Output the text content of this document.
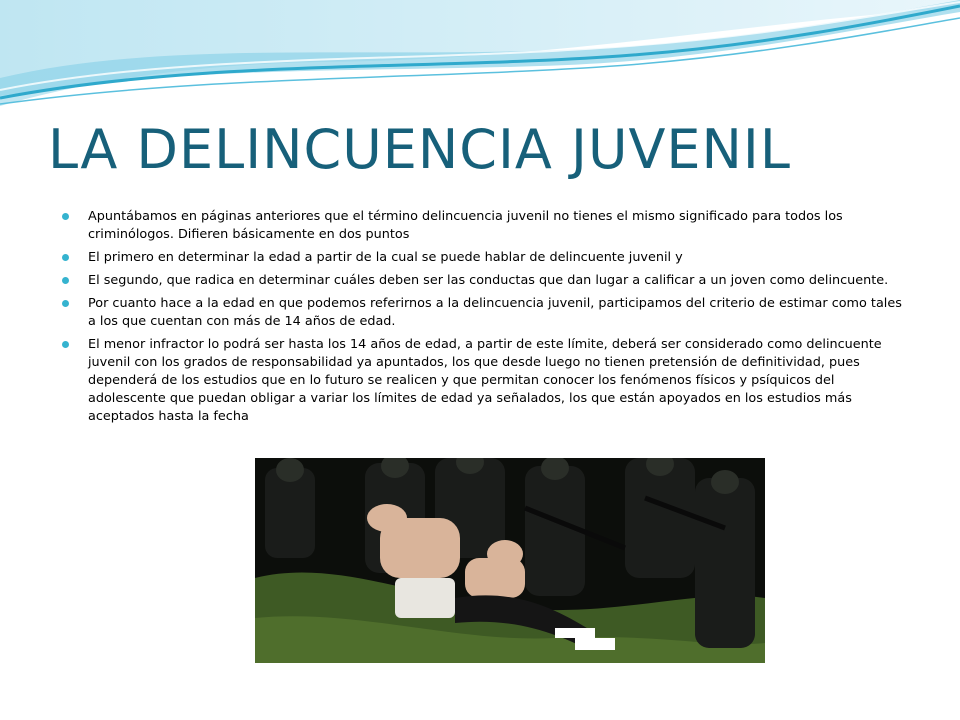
LA DELINCUENCIA JUVENIL
Apuntábamos en páginas anteriores que el término delincuencia juvenil no tienes el mismo significado para todos los criminólogos. Difieren básicamente en dos puntos
El primero en determinar la edad a partir de la cual se puede hablar de delincuente juvenil y
El segundo, que radica en determinar cuáles deben ser las conductas que dan lugar a calificar a un joven como delincuente.
Por cuanto hace a la edad en que podemos referirnos a la delincuencia juvenil, participamos del criterio de estimar como tales a los que cuentan con más de 14 años de edad.
El menor infractor lo podrá ser hasta los 14 años de edad, a partir de este límite, deberá ser considerado como delincuente juvenil con los grados de responsabilidad ya apuntados, los que desde luego no tienen pretensión de definitividad, pues dependerá de los estudios que en lo futuro se realicen y que permitan conocer los fenómenos físicos y psíquicos del adolescente que puedan obligar a variar los límites de edad ya señalados, los que están apoyados en los estudios más aceptados hasta la fecha
